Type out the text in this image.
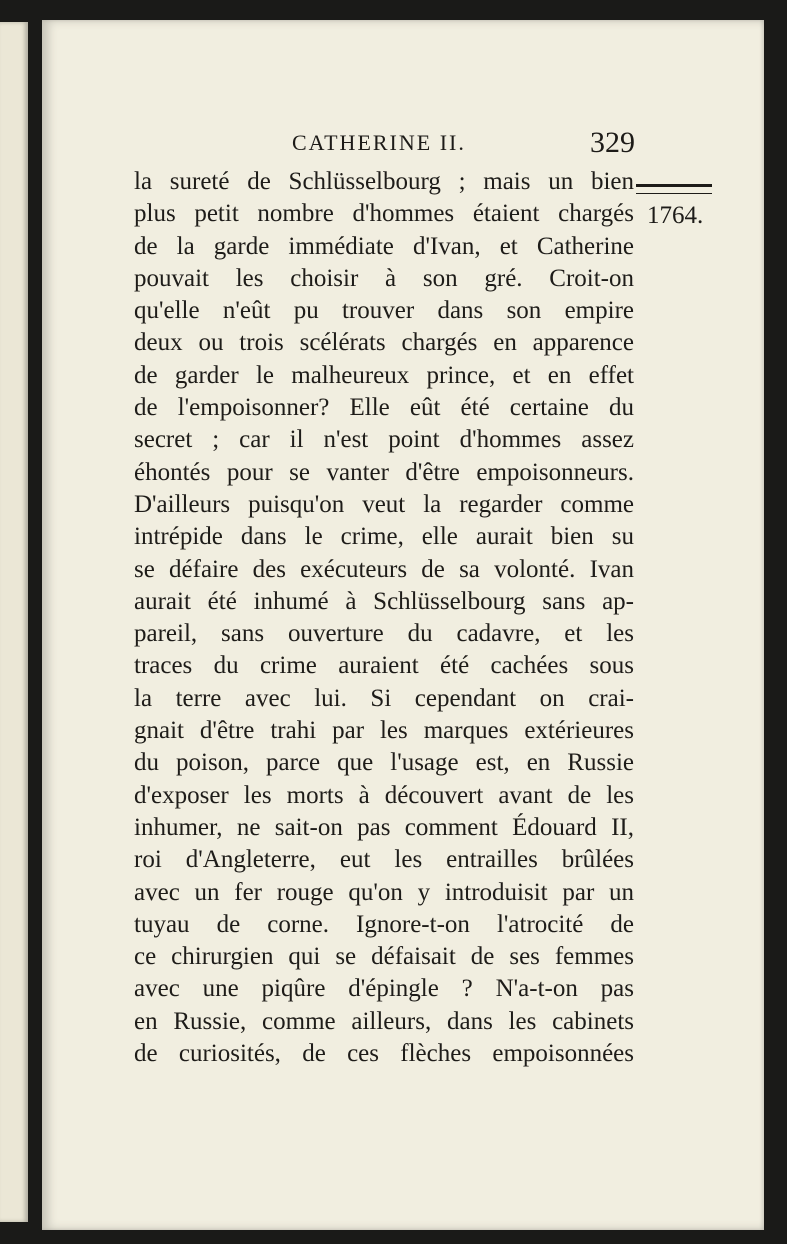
CATHERINE II.	329
1764.
la sureté de Schlüsselbourg ; mais un bien
plus petit nombre d'hommes étaient chargés
de la garde immédiate d'Ivan, et Catherine
pouvait les choisir à son gré. Croit-on
qu'elle n'eût pu trouver dans son empire
deux ou trois scélérats chargés en apparence
de garder le malheureux prince, et en effet
de l'empoisonner? Elle eût été certaine du
secret ; car il n'est point d'hommes assez
éhontés pour se vanter d'être empoisonneurs.
D'ailleurs puisqu'on veut la regarder comme
intrépide dans le crime, elle aurait bien su
se défaire des exécuteurs de sa volonté. Ivan
aurait été inhumé à Schlüsselbourg sans ap-
pareil, sans ouverture du cadavre, et les
traces du crime auraient été cachées sous
la terre avec lui. Si cependant on crai-
gnait d'être trahi par les marques extérieures
du poison, parce que l'usage est, en Russie
d'exposer les morts à découvert avant de les
inhumer, ne sait-on pas comment Édouard II,
roi d'Angleterre, eut les entrailles brûlées
avec un fer rouge qu'on y introduisit par un
tuyau de corne. Ignore-t-on l'atrocité de
ce chirurgien qui se défaisait de ses femmes
avec une piqûre d'épingle ? N'a-t-on pas
en Russie, comme ailleurs, dans les cabinets
de curiosités, de ces flèches empoisonnées
